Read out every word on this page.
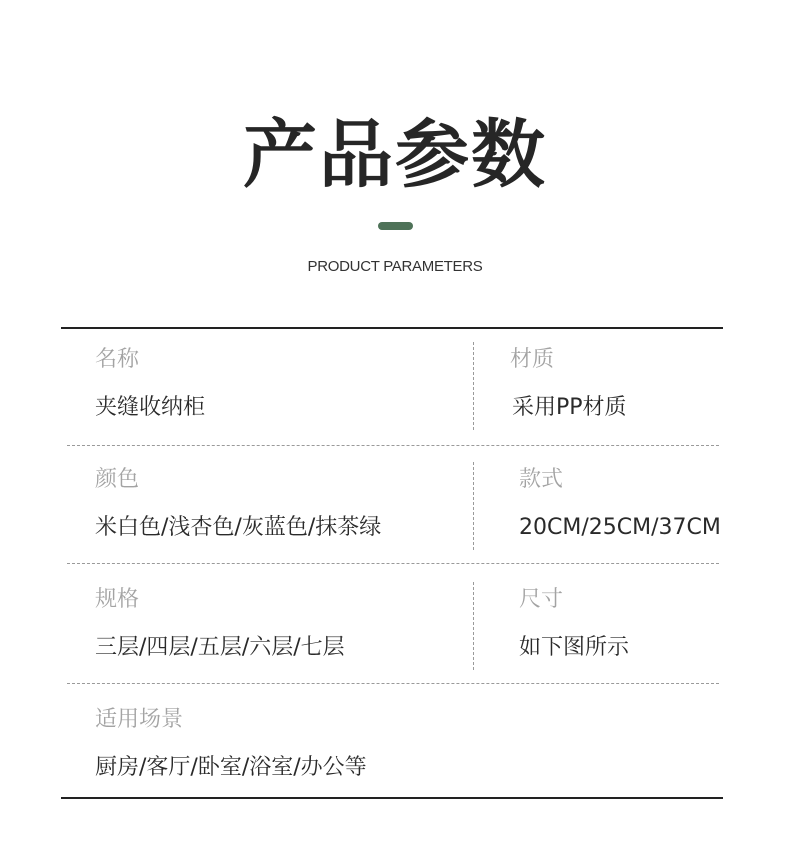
产品参数
PRODUCT PARAMETERS
名称
夹缝收纳柜
材质
采用PP材质
颜色
米白色/浅杏色/灰蓝色/抹茶绿
款式
20CM/25CM/37CM
规格
三层/四层/五层/六层/七层
尺寸
如下图所示
适用场景
厨房/客厅/卧室/浴室/办公等
